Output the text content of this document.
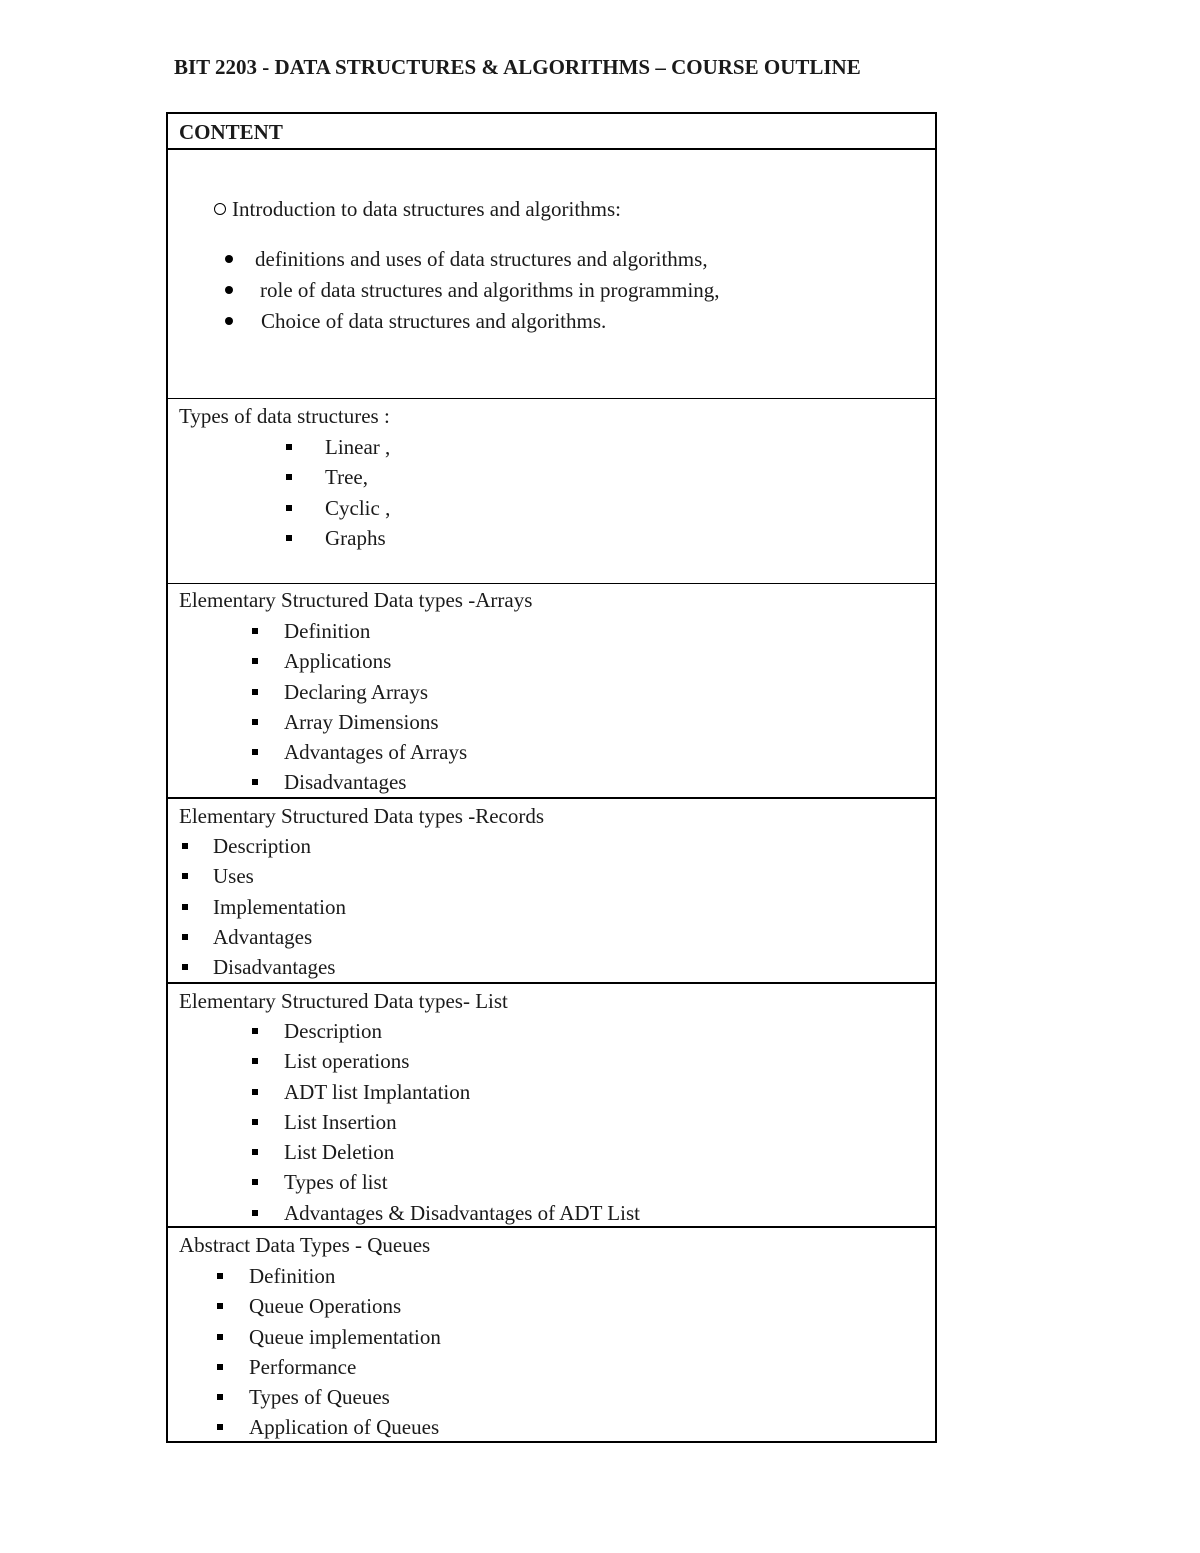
BIT 2203 - DATA STRUCTURES & ALGORITHMS – COURSE OUTLINE
CONTENT
Introduction to data structures and algorithms:
definitions and uses of data structures and algorithms,
role of data structures and algorithms in programming,
Choice of data structures and algorithms.
Types of data structures :
Linear ,
Tree,
Cyclic ,
Graphs
Elementary Structured Data types -Arrays
Definition
Applications
Declaring Arrays
Array Dimensions
Advantages of Arrays
Disadvantages
Elementary Structured Data types -Records
Description
Uses
Implementation
Advantages
Disadvantages
Elementary Structured Data types- List
Description
List operations
ADT list Implantation
List Insertion
List Deletion
Types of list
Advantages & Disadvantages of ADT List
Abstract Data Types - Queues
Definition
Queue Operations
Queue implementation
Performance
Types of Queues
Application of Queues
